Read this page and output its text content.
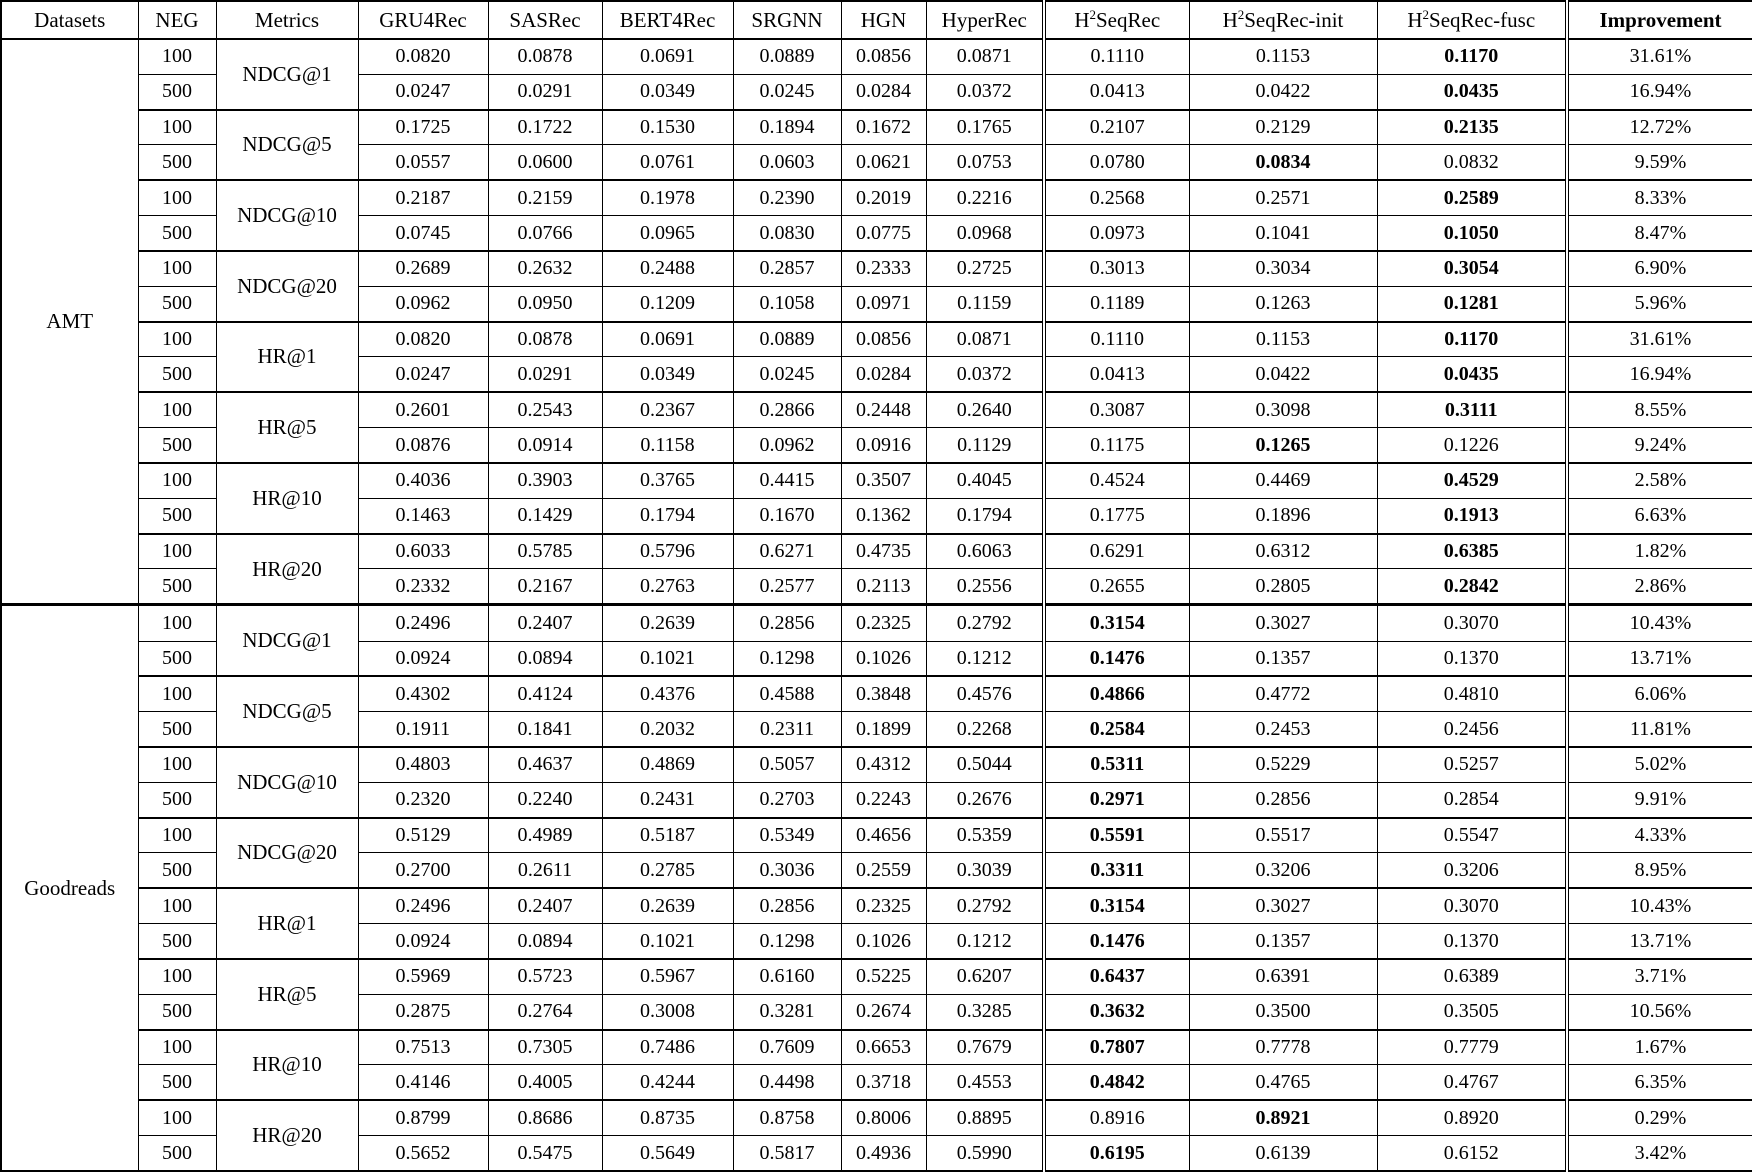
Datasets	NEG	Metrics	GRU4Rec	SASRec	BERT4Rec	SRGNN	HGN	HyperRec	$H^2SeqRec$	$H^2SeqRec$-init	$H^2SeqRec$-fusc	Improvement
AMT	100	NDCG@1	0.0820	0.0878	0.0691	0.0889	0.0856	0.0871	0.1110	0.1153	0.1170	31.61%
	500		0.0247	0.0291	0.0349	0.0245	0.0284	0.0372	0.0413	0.0422	0.0435	16.94%
	100	NDCG@5	0.1725	0.1722	0.1530	0.1894	0.1672	0.1765	0.2107	0.2129	0.2135	12.72%
	500		0.0557	0.0600	0.0761	0.0603	0.0621	0.0753	0.0780	0.0834	0.0832	9.59%
	100	NDCG@10	0.2187	0.2159	0.1978	0.2390	0.2019	0.2216	0.2568	0.2571	0.2589	8.33%
	500		0.0745	0.0766	0.0965	0.0830	0.0775	0.0968	0.0973	0.1041	0.1050	8.47%
	100	NDCG@20	0.2689	0.2632	0.2488	0.2857	0.2333	0.2725	0.3013	0.3034	0.3054	6.90%
	500		0.0962	0.0950	0.1209	0.1058	0.0971	0.1159	0.1189	0.1263	0.1281	5.96%
	100	HR@1	0.0820	0.0878	0.0691	0.0889	0.0856	0.0871	0.1110	0.1153	0.1170	31.61%
	500		0.0247	0.0291	0.0349	0.0245	0.0284	0.0372	0.0413	0.0422	0.0435	16.94%
	100	HR@5	0.2601	0.2543	0.2367	0.2866	0.2448	0.2640	0.3087	0.3098	0.3111	8.55%
	500		0.0876	0.0914	0.1158	0.0962	0.0916	0.1129	0.1175	0.1265	0.1226	9.24%
	100	HR@10	0.4036	0.3903	0.3765	0.4415	0.3507	0.4045	0.4524	0.4469	0.4529	2.58%
	500		0.1463	0.1429	0.1794	0.1670	0.1362	0.1794	0.1775	0.1896	0.1913	6.63%
	100	HR@20	0.6033	0.5785	0.5796	0.6271	0.4735	0.6063	0.6291	0.6312	0.6385	1.82%
	500		0.2332	0.2167	0.2763	0.2577	0.2113	0.2556	0.2655	0.2805	0.2842	2.86%
Goodreads	100	NDCG@1	0.2496	0.2407	0.2639	0.2856	0.2325	0.2792	0.3154	0.3027	0.3070	10.43%
	500		0.0924	0.0894	0.1021	0.1298	0.1026	0.1212	0.1476	0.1357	0.1370	13.71%
	100	NDCG@5	0.4302	0.4124	0.4376	0.4588	0.3848	0.4576	0.4866	0.4772	0.4810	6.06%
	500		0.1911	0.1841	0.2032	0.2311	0.1899	0.2268	0.2584	0.2453	0.2456	11.81%
	100	NDCG@10	0.4803	0.4637	0.4869	0.5057	0.4312	0.5044	0.5311	0.5229	0.5257	5.02%
	500		0.2320	0.2240	0.2431	0.2703	0.2243	0.2676	0.2971	0.2856	0.2854	9.91%
	100	NDCG@20	0.5129	0.4989	0.5187	0.5349	0.4656	0.5359	0.5591	0.5517	0.5547	4.33%
	500		0.2700	0.2611	0.2785	0.3036	0.2559	0.3039	0.3311	0.3206	0.3206	8.95%
	100	HR@1	0.2496	0.2407	0.2639	0.2856	0.2325	0.2792	0.3154	0.3027	0.3070	10.43%
	500		0.0924	0.0894	0.1021	0.1298	0.1026	0.1212	0.1476	0.1357	0.1370	13.71%
	100	HR@5	0.5969	0.5723	0.5967	0.6160	0.5225	0.6207	0.6437	0.6391	0.6389	3.71%
	500		0.2875	0.2764	0.3008	0.3281	0.2674	0.3285	0.3632	0.3500	0.3505	10.56%
	100	HR@10	0.7513	0.7305	0.7486	0.7609	0.6653	0.7679	0.7807	0.7778	0.7779	1.67%
	500		0.4146	0.4005	0.4244	0.4498	0.3718	0.4553	0.4842	0.4765	0.4767	6.35%
	100	HR@20	0.8799	0.8686	0.8735	0.8758	0.8006	0.8895	0.8916	0.8921	0.8920	0.29%
	500		0.5652	0.5475	0.5649	0.5817	0.4936	0.5990	0.6195	0.6139	0.6152	3.42%
